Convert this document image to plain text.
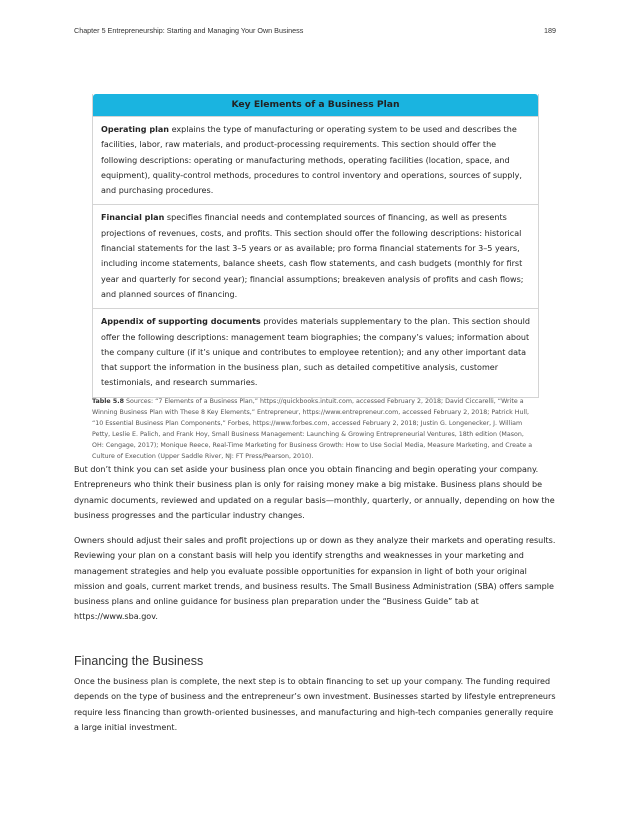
Chapter 5 Entrepreneurship: Starting and Managing Your Own Business	189
Key Elements of a Business Plan
Operating plan explains the type of manufacturing or operating system to be used and describes the facilities, labor, raw materials, and product-processing requirements. This section should offer the following descriptions: operating or manufacturing methods, operating facilities (location, space, and equipment), quality-control methods, procedures to control inventory and operations, sources of supply, and purchasing procedures.
Financial plan specifies financial needs and contemplated sources of financing, as well as presents projections of revenues, costs, and profits. This section should offer the following descriptions: historical financial statements for the last 3–5 years or as available; pro forma financial statements for 3–5 years, including income statements, balance sheets, cash flow statements, and cash budgets (monthly for first year and quarterly for second year); financial assumptions; breakeven analysis of profits and cash flows; and planned sources of financing.
Appendix of supporting documents provides materials supplementary to the plan. This section should offer the following descriptions: management team biographies; the company’s values; information about the company culture (if it’s unique and contributes to employee retention); and any other important data that support the information in the business plan, such as detailed competitive analysis, customer testimonials, and research summaries.
Table 5.8 Sources: “7 Elements of a Business Plan,” https://quickbooks.intuit.com, accessed February 2, 2018; David Ciccarelli, “Write a Winning Business Plan with These 8 Key Elements,” Entrepreneur, https://www.entrepreneur.com, accessed February 2, 2018; Patrick Hull, “10 Essential Business Plan Components,” Forbes, https://www.forbes.com, accessed February 2, 2018; Justin G. Longenecker, J. William Petty, Leslie E. Palich, and Frank Hoy, Small Business Management: Launching & Growing Entrepreneurial Ventures, 18th edition (Mason, OH: Cengage, 2017); Monique Reece, Real-Time Marketing for Business Growth: How to Use Social Media, Measure Marketing, and Create a Culture of Execution (Upper Saddle River, NJ: FT Press/Pearson, 2010).

But don’t think you can set aside your business plan once you obtain financing and begin operating your company. Entrepreneurs who think their business plan is only for raising money make a big mistake. Business plans should be dynamic documents, reviewed and updated on a regular basis—monthly, quarterly, or annually, depending on how the business progresses and the particular industry changes.

Owners should adjust their sales and profit projections up or down as they analyze their markets and operating results. Reviewing your plan on a constant basis will help you identify strengths and weaknesses in your marketing and management strategies and help you evaluate possible opportunities for expansion in light of both your original mission and goals, current market trends, and business results. The Small Business Administration (SBA) offers sample business plans and online guidance for business plan preparation under the “Business Guide” tab at https://www.sba.gov.

Financing the Business

Once the business plan is complete, the next step is to obtain financing to set up your company. The funding required depends on the type of business and the entrepreneur’s own investment. Businesses started by lifestyle entrepreneurs require less financing than growth-oriented businesses, and manufacturing and high-tech companies generally require a large initial investment.
